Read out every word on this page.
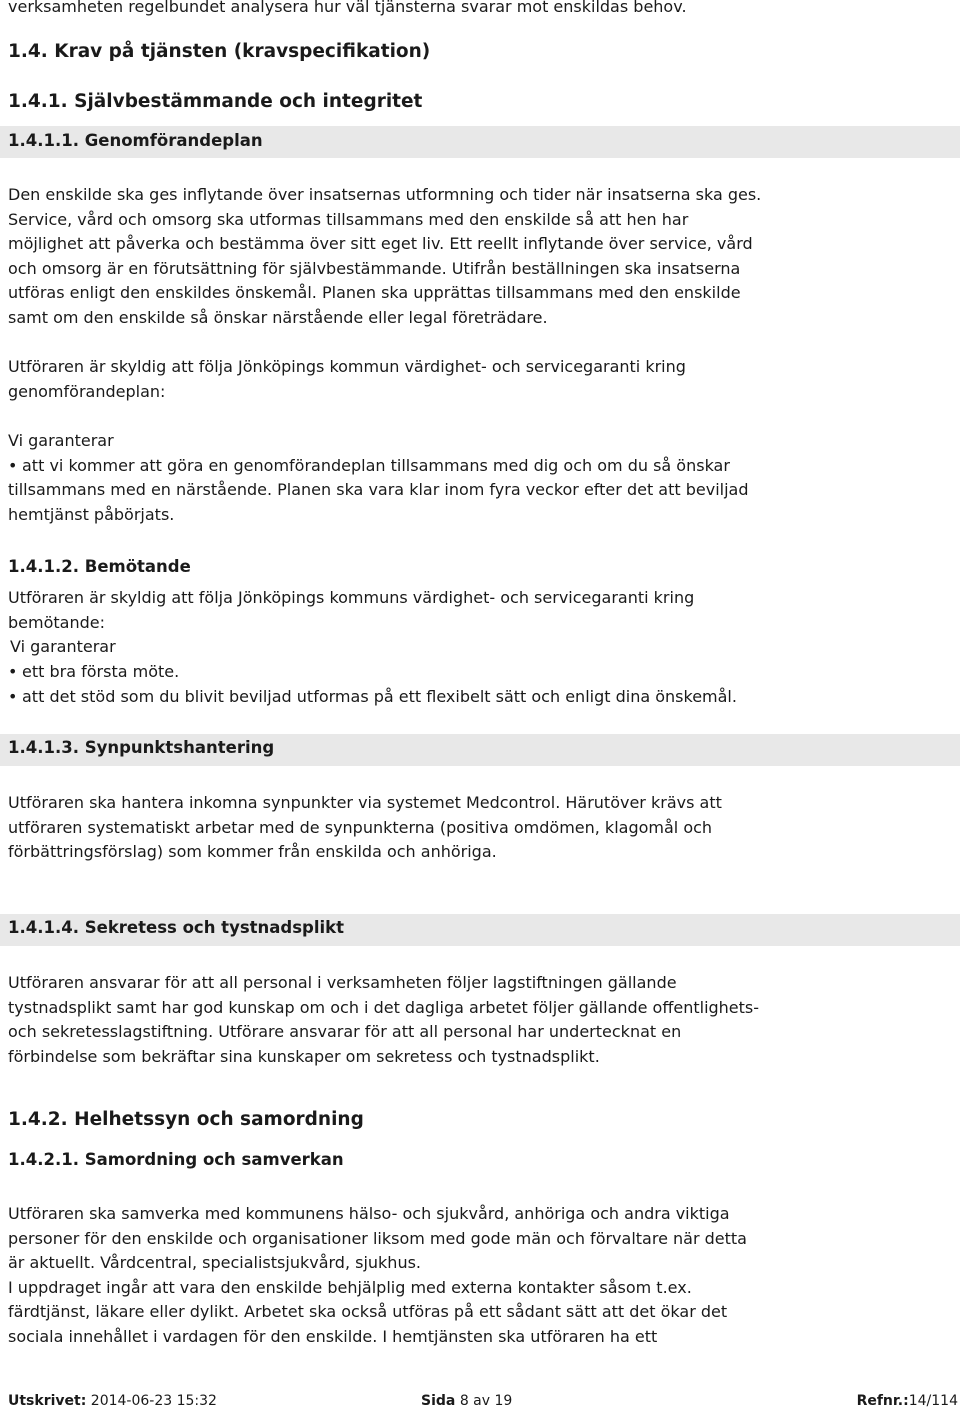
verksamheten regelbundet analysera hur väl tjänsterna svarar mot enskildas behov.
1.4. Krav på tjänsten (kravspecifikation)
1.4.1. Självbestämmande och integritet
1.4.1.1. Genomförandeplan
Den enskilde ska ges inflytande över insatsernas utformning och tider när insatserna ska ges.
Service, vård och omsorg ska utformas tillsammans med den enskilde så att hen har
möjlighet att påverka och bestämma över sitt eget liv. Ett reellt inflytande över service, vård
och omsorg är en förutsättning för självbestämmande. Utifrån beställningen ska insatserna
utföras enligt den enskildes önskemål. Planen ska upprättas tillsammans med den enskilde
samt om den enskilde så önskar närstående eller legal företrädare.
Utföraren är skyldig att följa Jönköpings kommun värdighet- och servicegaranti kring
genomförandeplan:
Vi garanterar
• att vi kommer att göra en genomförandeplan tillsammans med dig och om du så önskar
tillsammans med en närstående. Planen ska vara klar inom fyra veckor efter det att beviljad
hemtjänst påbörjats.
1.4.1.2. Bemötande
Utföraren är skyldig att följa Jönköpings kommuns värdighet- och servicegaranti kring
bemötande:
Vi garanterar
• ett bra första möte.
• att det stöd som du blivit beviljad utformas på ett flexibelt sätt och enligt dina önskemål.
1.4.1.3. Synpunktshantering
Utföraren ska hantera inkomna synpunkter via systemet Medcontrol. Härutöver krävs att
utföraren systematiskt arbetar med de synpunkterna (positiva omdömen, klagomål och
förbättringsförslag) som kommer från enskilda och anhöriga.
1.4.1.4. Sekretess och tystnadsplikt
Utföraren ansvarar för att all personal i verksamheten följer lagstiftningen gällande
tystnadsplikt samt har god kunskap om och i det dagliga arbetet följer gällande offentlighets-
och sekretesslagstiftning. Utförare ansvarar för att all personal har undertecknat en
förbindelse som bekräftar sina kunskaper om sekretess och tystnadsplikt.
1.4.2. Helhetssyn och samordning
1.4.2.1. Samordning och samverkan
Utföraren ska samverka med kommunens hälso- och sjukvård, anhöriga och andra viktiga
personer för den enskilde och organisationer liksom med gode män och förvaltare när detta
är aktuellt. Vårdcentral, specialistsjukvård, sjukhus.
I uppdraget ingår att vara den enskilde behjälplig med externa kontakter såsom t.ex.
färdtjänst, läkare eller dylikt. Arbetet ska också utföras på ett sådant sätt att det ökar det
sociala innehållet i vardagen för den enskilde. I hemtjänsten ska utföraren ha ett
Utskrivet: 2014-06-23 15:32	Sida 8 av 19	Refnr.:14/114
